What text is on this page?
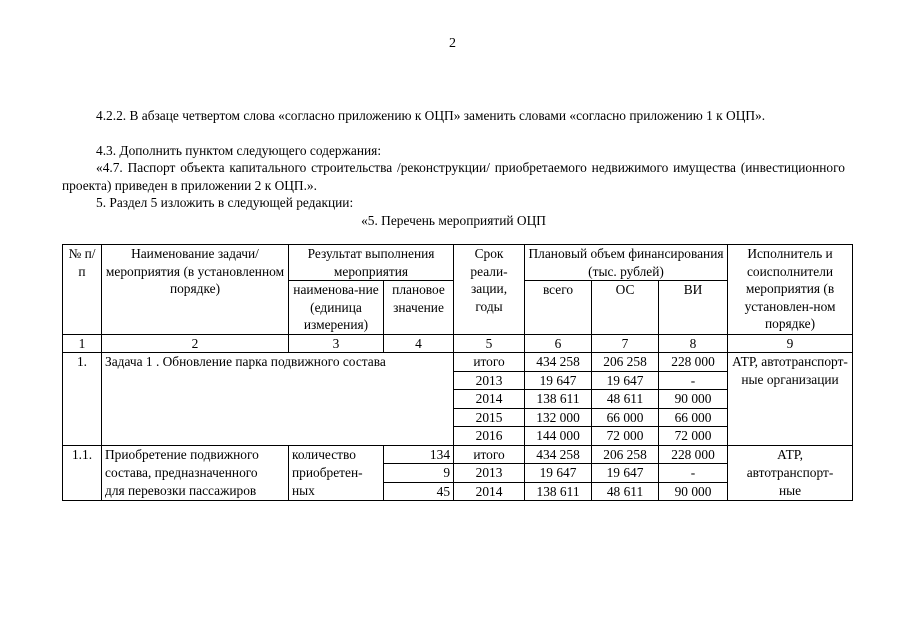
2
4.2.2. В абзаце четвертом слова «согласно приложению к ОЦП» заменить словами «согласно приложению 1 к ОЦП».
4.3. Дополнить пунктом следующего содержания:
«4.7. Паспорт объекта капитального строительства /реконструкции/ приобретаемого недвижимого имущества (инвестиционного проекта) приведен в приложении 2 к ОЦП.».
5. Раздел 5 изложить в следующей редакции:
«5. Перечень мероприятий ОЦП
№ п/п	Наименование задачи/мероприятия (в установленном порядке)	Результат выполнения мероприятия		Срок реали-зации, годы	Плановый объем финансирования (тыс. рублей)			Исполнитель и соисполнители мероприятия (в установлен-ном порядке)
		наименова-ние (единица измерения)	плановое значение		всего	ОС	ВИ	
1	2	3	4	5	6	7	8	9
1.	Задача 1 . Обновление парка подвижного состава			итого	434 258	206 258	228 000	АТР, автотранспорт-ные организации
				2013	19 647	19 647	-	
				2014	138 611	48 611	90 000	
				2015	132 000	66 000	66 000	
				2016	144 000	72 000	72 000	
1.1.	Приобретение подвижного	количество	134	итого	434 258	206 258	228 000	АТР,
	состава, предназначенного	приобретен-	9	2013	19 647	19 647	-	автотранспорт-
	для перевозки пассажиров	ных	45	2014	138 611	48 611	90 000	ные
